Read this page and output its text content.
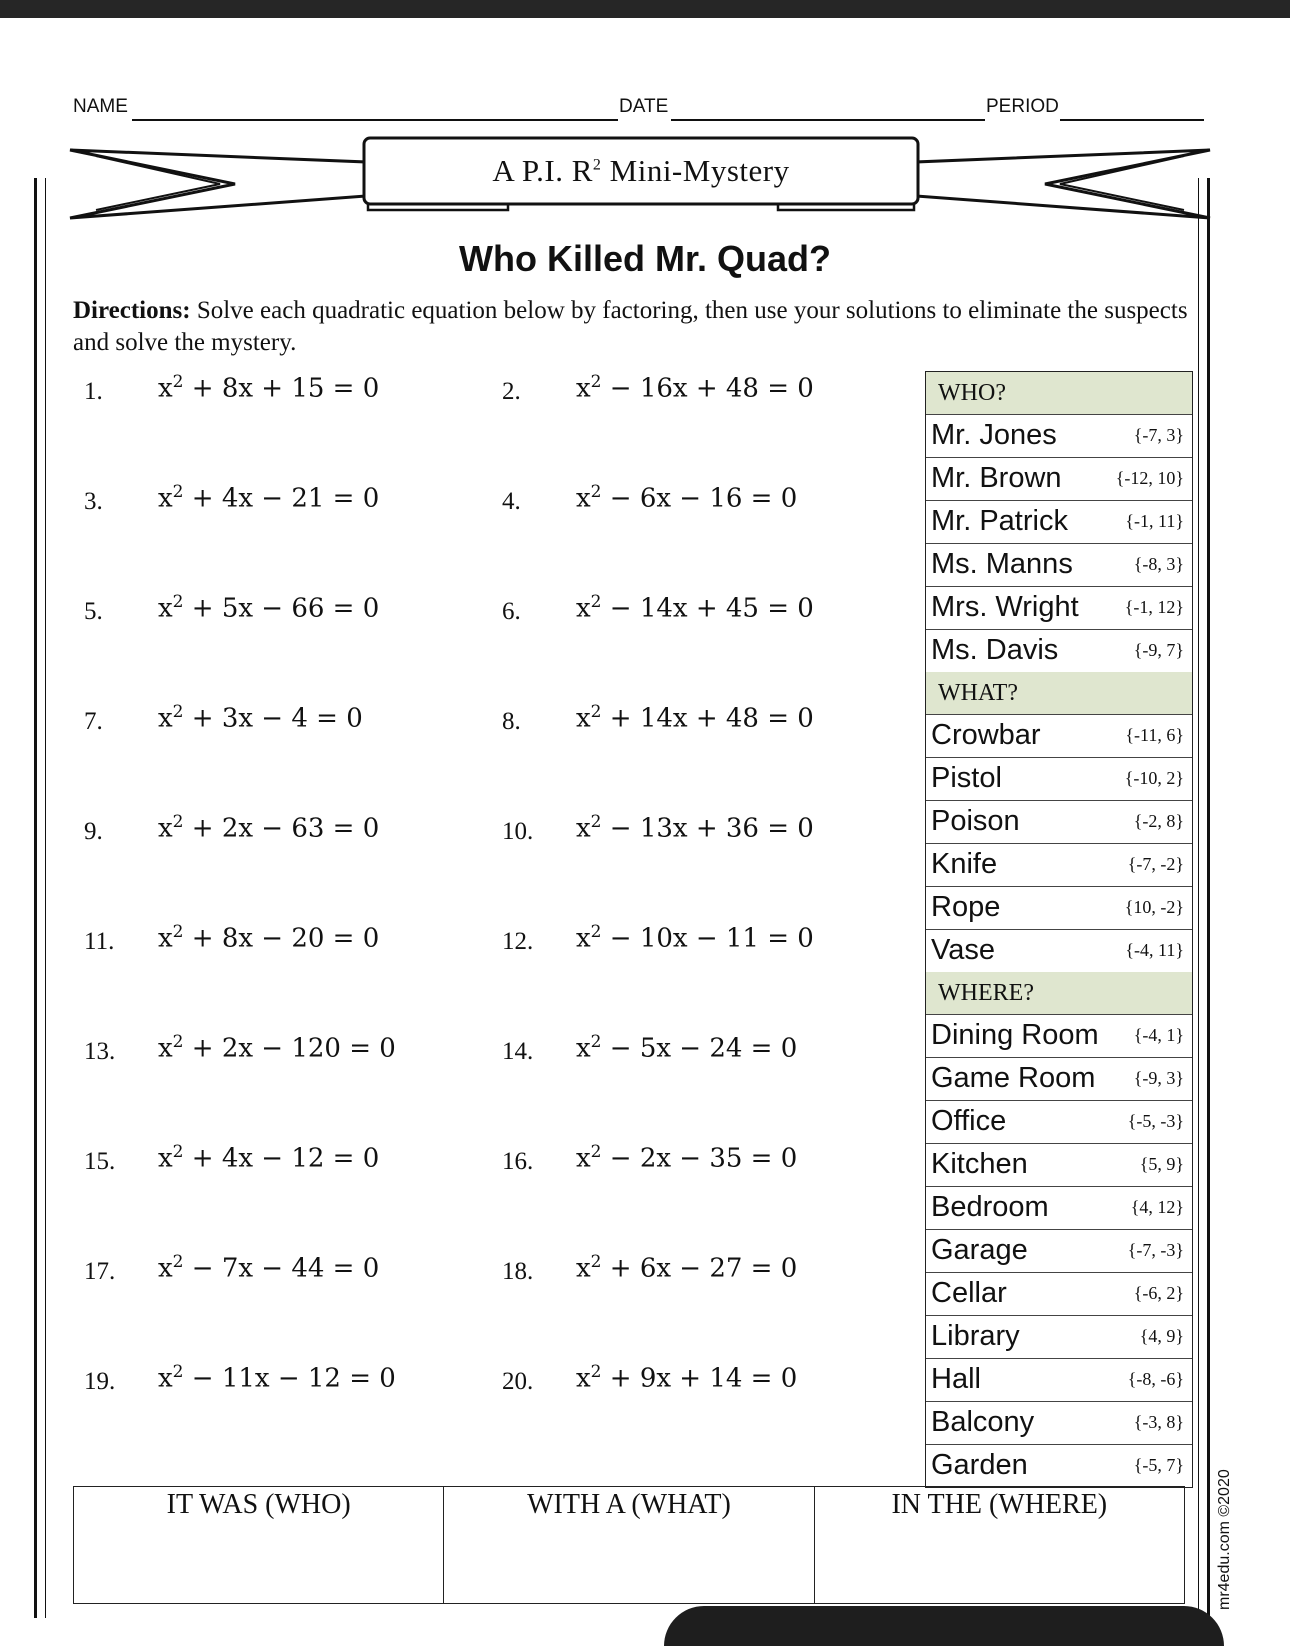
NAME	DATE	PERIOD
A P.I. $R^2$ Mini-Mystery
Who Killed Mr. Quad?
Directions: Solve each quadratic equation below by factoring, then use your solutions to eliminate the suspects and solve the mystery.
1. $x^2 + 8x + 15 = 0$	2. $x^2 - 16x + 48 = 0$
3. $x^2 + 4x - 21 = 0$	4. $x^2 - 6x - 16 = 0$
5. $x^2 + 5x - 66 = 0$	6. $x^2 - 14x + 45 = 0$
7. $x^2 + 3x - 4 = 0$	8. $x^2 + 14x + 48 = 0$
9. $x^2 + 2x - 63 = 0$	10. $x^2 - 13x + 36 = 0$
11. $x^2 + 8x - 20 = 0$	12. $x^2 - 10x - 11 = 0$
13. $x^2 + 2x - 120 = 0$	14. $x^2 - 5x - 24 = 0$
15. $x^2 + 4x - 12 = 0$	16. $x^2 - 2x - 35 = 0$
17. $x^2 - 7x - 44 = 0$	18. $x^2 + 6x - 27 = 0$
19. $x^2 - 11x - 12 = 0$	20. $x^2 + 9x + 14 = 0$
WHO?
Mr. Jones	{-7, 3}
Mr. Brown	{-12, 10}
Mr. Patrick	{-1, 11}
Ms. Manns	{-8, 3}
Mrs. Wright	{-1, 12}
Ms. Davis	{-9, 7}
WHAT?
Crowbar	{-11, 6}
Pistol	{-10, 2}
Poison	{-2, 8}
Knife	{-7, -2}
Rope	{10, -2}
Vase	{-4, 11}
WHERE?
Dining Room {-4, 1}
Game Room {-9, 3}
Office	{-5, -3}
Kitchen	{5, 9}
Bedroom	{4, 12}
Garage	{-7, -3}
Cellar	{-6, 2}
Library	{4, 9}
Hall	{-8, -6}
Balcony	{-3, 8}
Garden	{-5, 7}
IT WAS (WHO)	WITH A (WHAT)	IN THE (WHERE)	mr4edu.com ©2020
